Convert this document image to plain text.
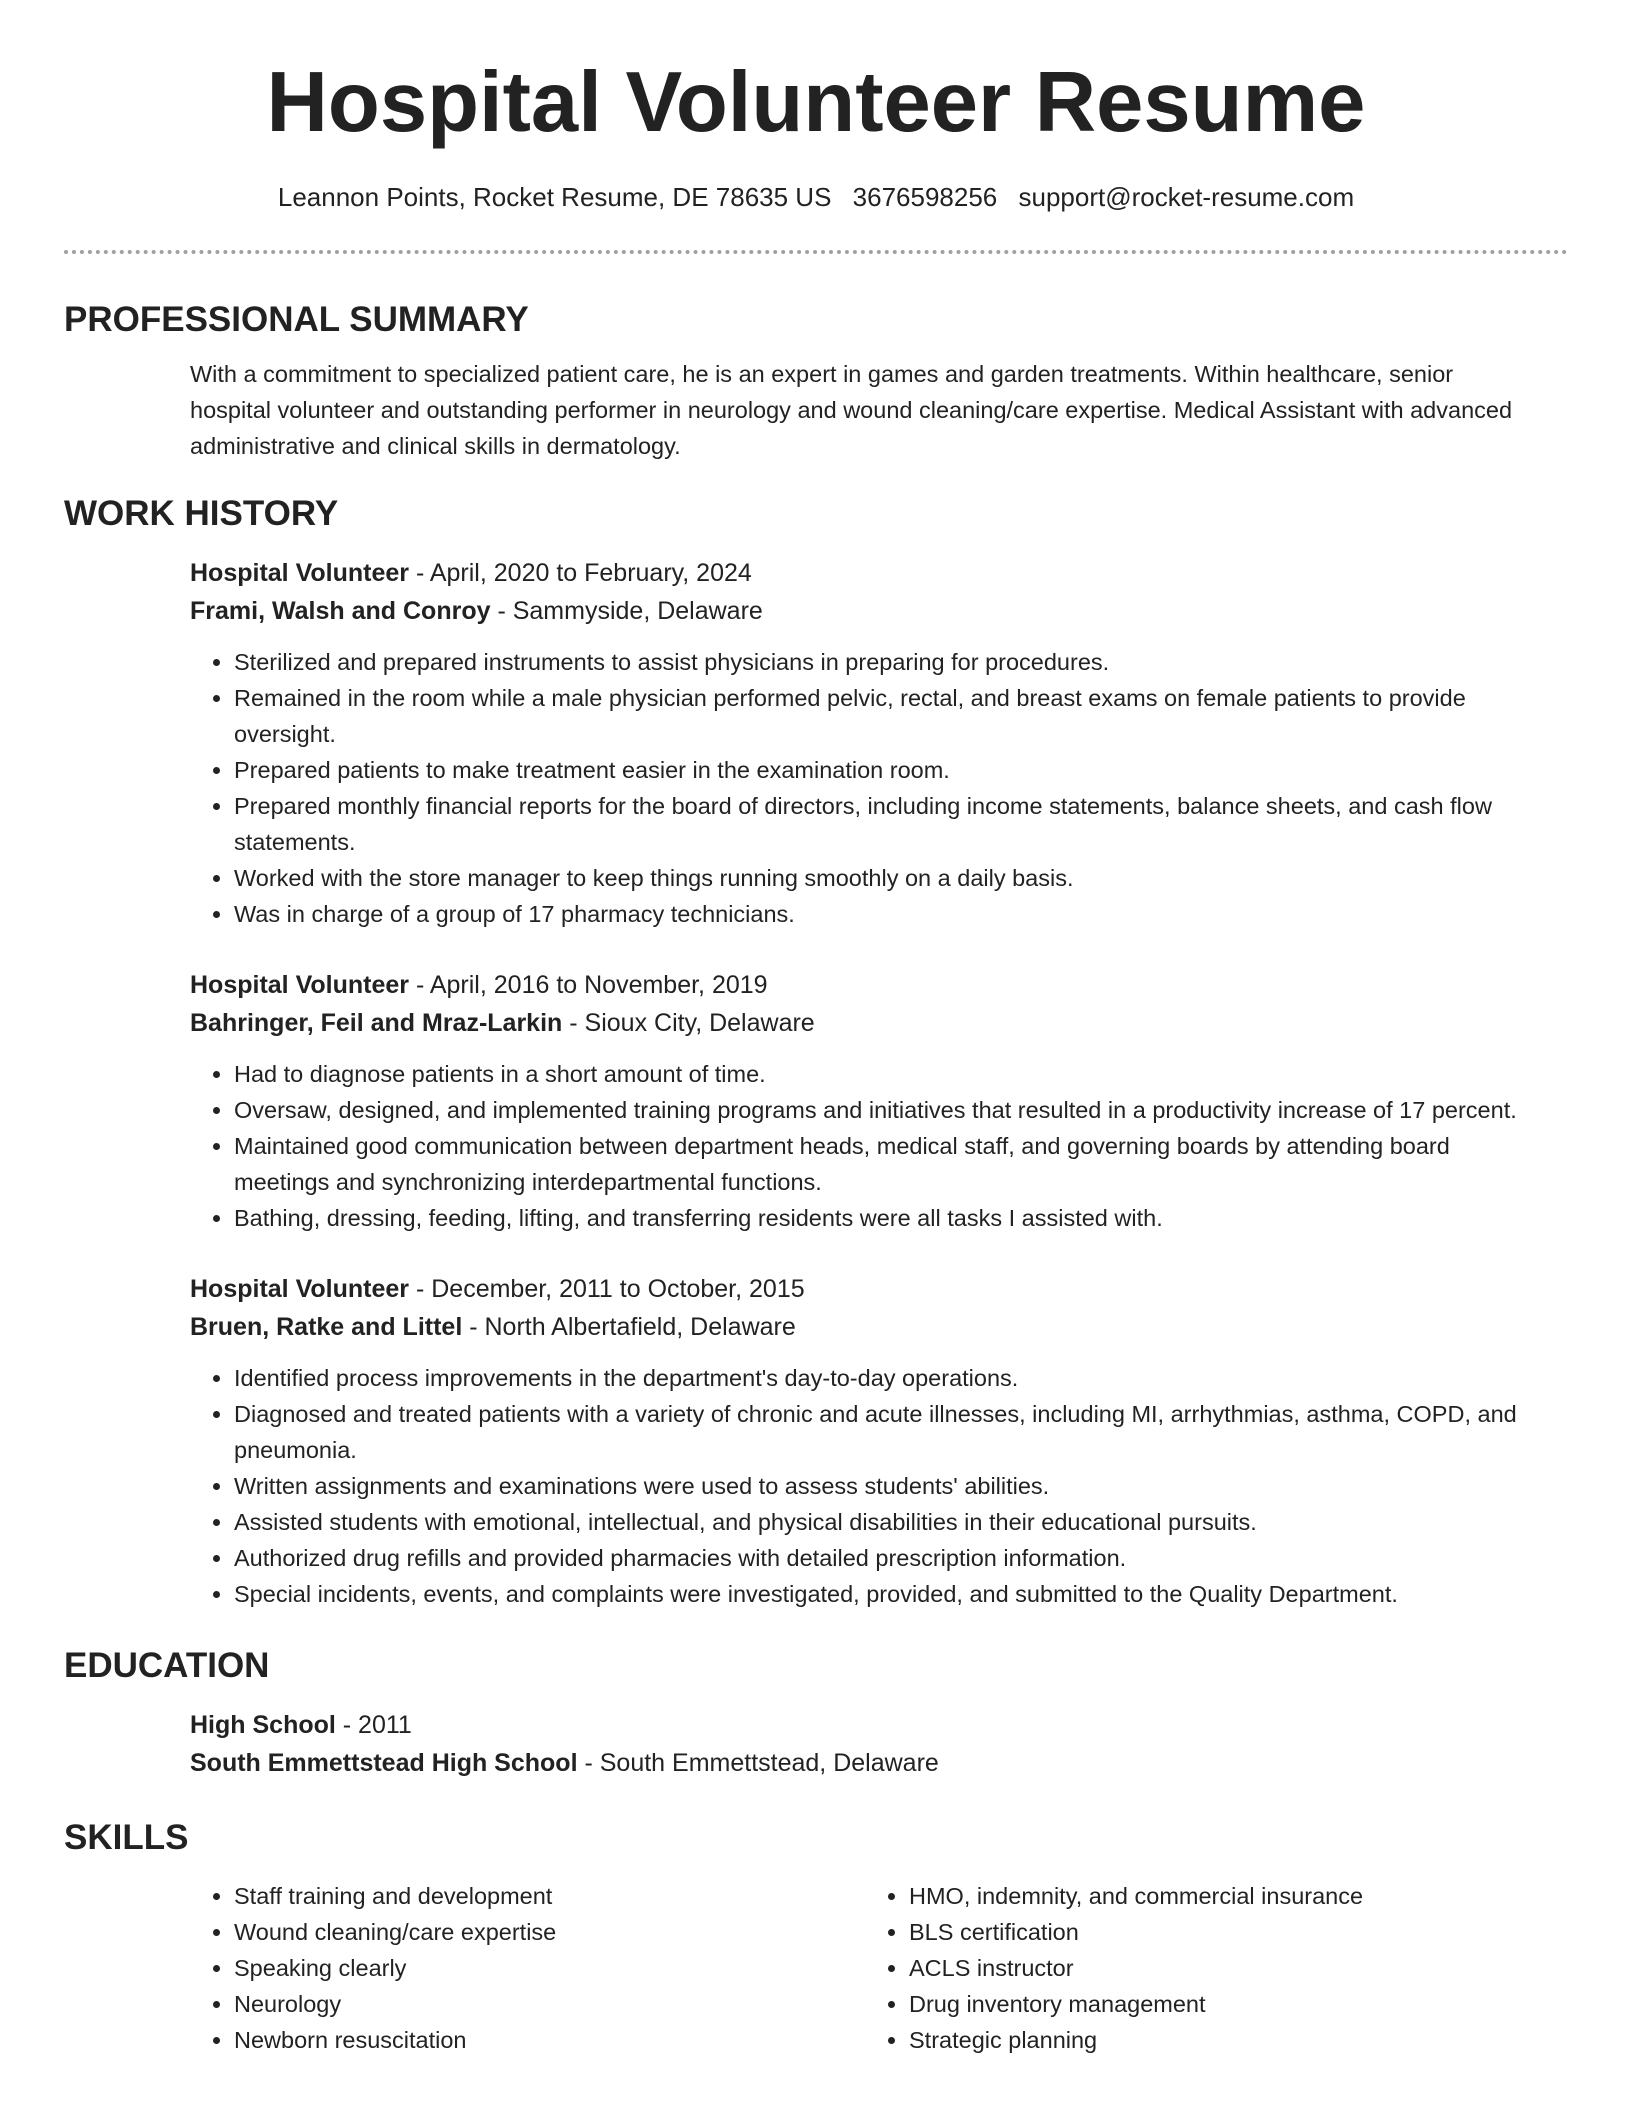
Hospital Volunteer Resume
Leannon Points, Rocket Resume, DE 78635 US 3676598256 support@rocket-resume.com
PROFESSIONAL SUMMARY

With a commitment to specialized patient care, he is an expert in games and garden treatments. Within healthcare, senior hospital volunteer and outstanding performer in neurology and wound cleaning/care expertise. Medical Assistant with advanced administrative and clinical skills in dermatology.

WORK HISTORY
Hospital Volunteer - April, 2020 to February, 2024
Frami, Walsh and Conroy - Sammyside, Delaware
• Sterilized and prepared instruments to assist physicians in preparing for procedures.
• Remained in the room while a male physician performed pelvic, rectal, and breast exams on female patients to provide oversight.
• Prepared patients to make treatment easier in the examination room.
• Prepared monthly financial reports for the board of directors, including income statements, balance sheets, and cash flow statements.
• Worked with the store manager to keep things running smoothly on a daily basis.
• Was in charge of a group of 17 pharmacy technicians.
Hospital Volunteer - April, 2016 to November, 2019
Bahringer, Feil and Mraz-Larkin - Sioux City, Delaware
• Had to diagnose patients in a short amount of time.
• Oversaw, designed, and implemented training programs and initiatives that resulted in a productivity increase of 17 percent.
• Maintained good communication between department heads, medical staff, and governing boards by attending board meetings and synchronizing interdepartmental functions.
• Bathing, dressing, feeding, lifting, and transferring residents were all tasks I assisted with.
Hospital Volunteer - December, 2011 to October, 2015
Bruen, Ratke and Littel - North Albertafield, Delaware
• Identified process improvements in the department's day-to-day operations.
• Diagnosed and treated patients with a variety of chronic and acute illnesses, including MI, arrhythmias, asthma, COPD, and pneumonia.
• Written assignments and examinations were used to assess students' abilities.
• Assisted students with emotional, intellectual, and physical disabilities in their educational pursuits.
• Authorized drug refills and provided pharmacies with detailed prescription information.
• Special incidents, events, and complaints were investigated, provided, and submitted to the Quality Department.
EDUCATION
High School - 2011
South Emmettstead High School - South Emmettstead, Delaware
SKILLS
• Staff training and development
• Wound cleaning/care expertise
• Speaking clearly
• Neurology
• Newborn resuscitation
• HMO, indemnity, and commercial insurance
• BLS certification
• ACLS instructor
• Drug inventory management
• Strategic planning
